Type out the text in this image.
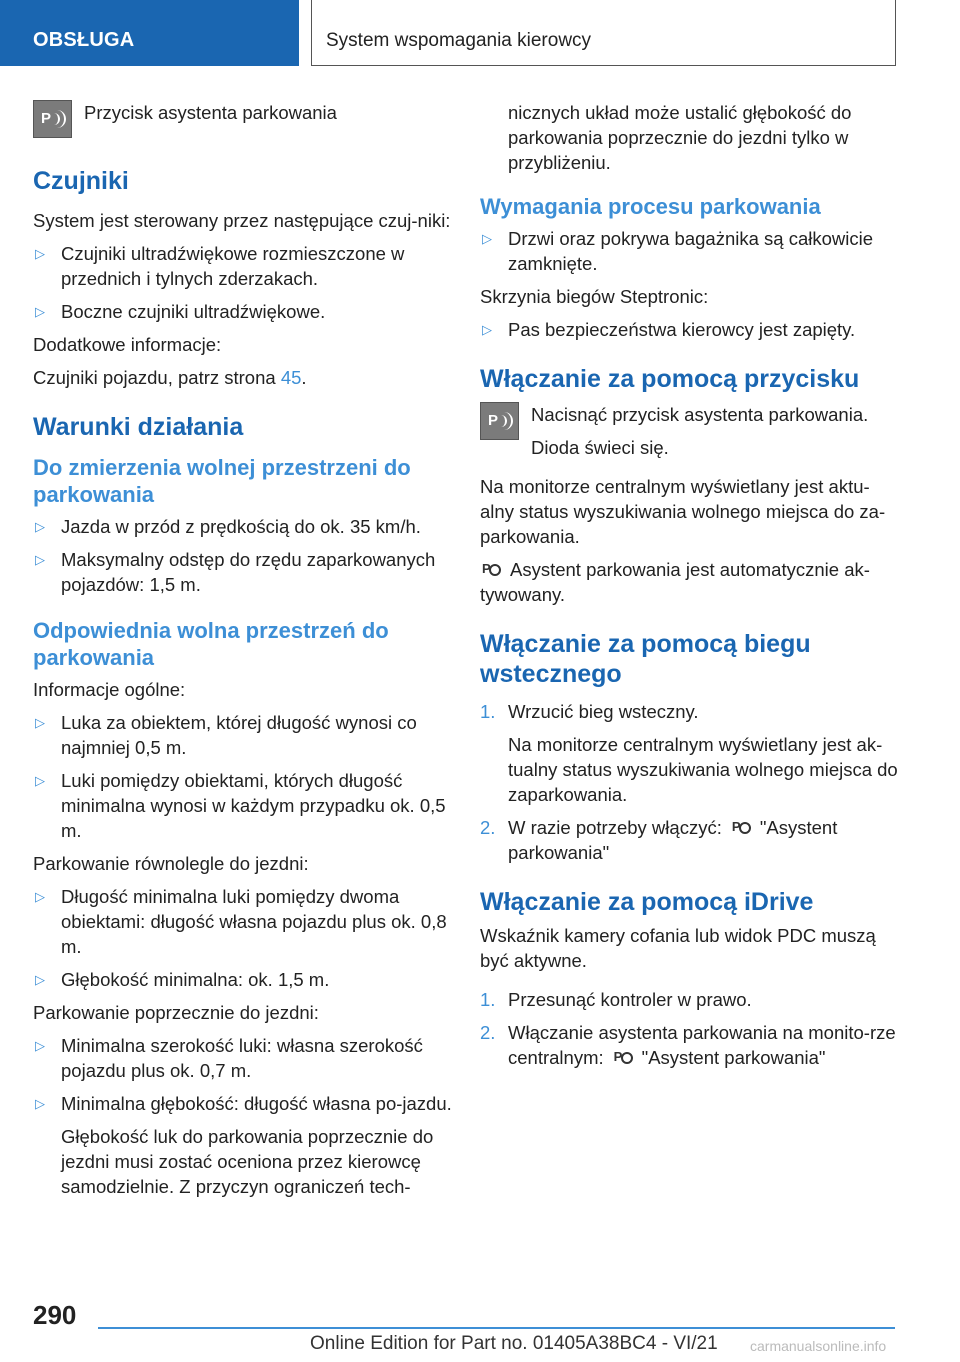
OBSŁUGA	System wspomagania kierowcy
P Przycisk asystenta parkowania
Czujniki
System jest sterowany przez następujące czuj-niki:
▷ Czujniki ultradźwiękowe rozmieszczone w przednich i tylnych zderzakach.
▷ Boczne czujniki ultradźwiękowe.
Dodatkowe informacje:
Czujniki pojazdu, patrz strona 45.
Warunki działania
Do zmierzenia wolnej przestrzeni do parkowania
▷ Jazda w przód z prędkością do ok. 35 km/h.
▷ Maksymalny odstęp do rzędu zaparkowanych pojazdów: 1,5 m.
Odpowiednia wolna przestrzeń do parkowania
Informacje ogólne:
▷ Luka za obiektem, której długość wynosi co najmniej 0,5 m.
▷ Luki pomiędzy obiektami, których długość minimalna wynosi w każdym przypadku ok. 0,5 m.
Parkowanie równolegle do jezdni:
▷ Długość minimalna luki pomiędzy dwoma obiektami: długość własna pojazdu plus ok. 0,8 m.
▷ Głębokość minimalna: ok. 1,5 m.
Parkowanie poprzecznie do jezdni:
▷ Minimalna szerokość luki: własna szerokość pojazdu plus ok. 0,7 m.
▷ Minimalna głębokość: długość własna po-jazdu.
Głębokość luk do parkowania poprzecznie do jezdni musi zostać oceniona przez kierowcę samodzielnie. Z przyczyn ograniczeń tech-
nicznych układ może ustalić głębokość do parkowania poprzecznie do jezdni tylko w przybliżeniu.
Wymagania procesu parkowania
▷ Drzwi oraz pokrywa bagażnika są całkowicie zamknięte.
Skrzynia biegów Steptronic:
▷ Pas bezpieczeństwa kierowcy jest zapięty.
Włączanie za pomocą przycisku
P Nacisnąć przycisk asystenta parkowania.
Dioda świeci się.
Na monitorze centralnym wyświetlany jest aktu-alny status wyszukiwania wolnego miejsca do za-parkowania.
P Asystent parkowania jest automatycznie ak-tywowany.
Włączanie za pomocą biegu wstecznego
1. Wrzucić bieg wsteczny.
Na monitorze centralnym wyświetlany jest ak-tualny status wyszukiwania wolnego miejsca do zaparkowania.
2. W razie potrzeby włączyć: P "Asystent parkowania"
Włączanie za pomocą iDrive
Wskaźnik kamery cofania lub widok PDC muszą być aktywne.
1. Przesunąć kontroler w prawo.
2. Włączanie asystenta parkowania na monito-rze centralnym: P "Asystent parkowania"
290
Online Edition for Part no. 01405A38BC4 - VI/21 carmanualsonline.info
